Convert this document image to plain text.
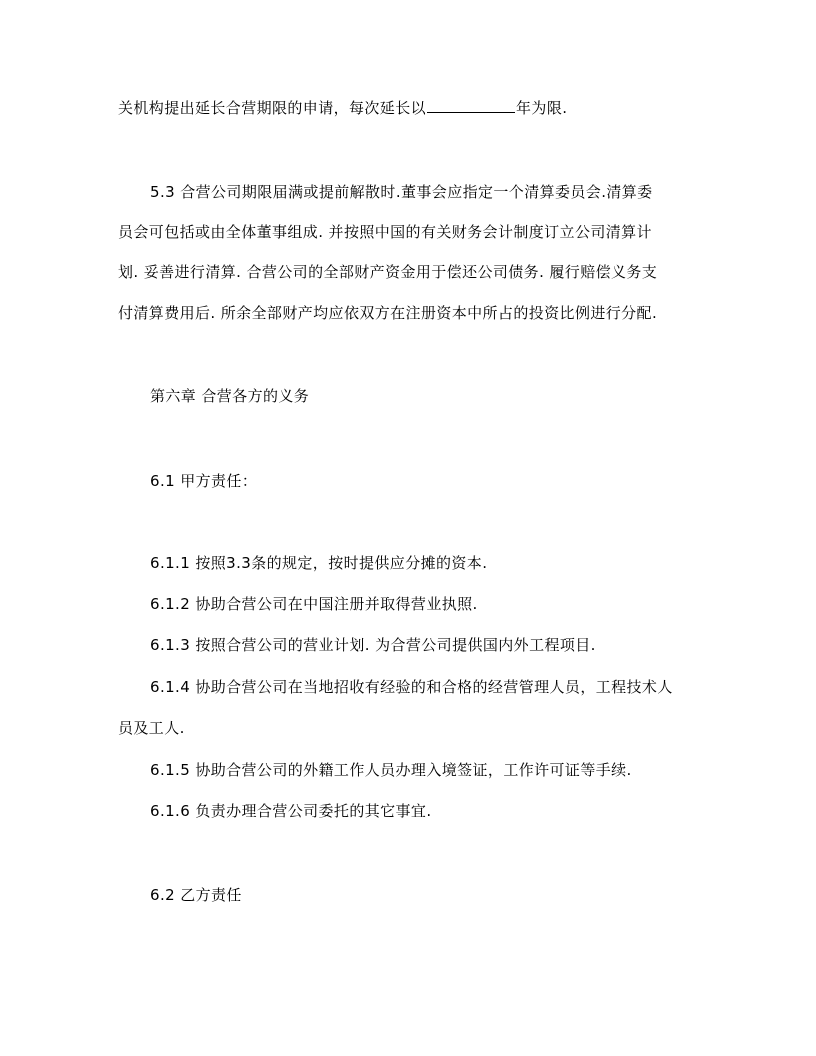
关机构提出延长合营期限的申请，每次延长以	年为限.
5.3 合营公司期限届满或提前解散时.董事会应指定一个清算委员会.清算委
员会可包括或由全体董事组成. 并按照中国的有关财务会计制度订立公司清算计
划. 妥善进行清算. 合营公司的全部财产资金用于偿还公司债务. 履行赔偿义务支
付清算费用后. 所余全部财产均应依双方在注册资本中所占的投资比例进行分配.
第六章 合营各方的义务
6.1 甲方责任：
6.1.1 按照3.3条的规定，按时提供应分摊的资本.
6.1.2 协助合营公司在中国注册并取得营业执照.
6.1.3 按照合营公司的营业计划. 为合营公司提供国内外工程项目.
6.1.4 协助合营公司在当地招收有经验的和合格的经营管理人员，工程技术人
员及工人.
6.1.5 协助合营公司的外籍工作人员办理入境签证，工作许可证等手续.
6.1.6 负责办理合营公司委托的其它事宜.
6.2 乙方责任
